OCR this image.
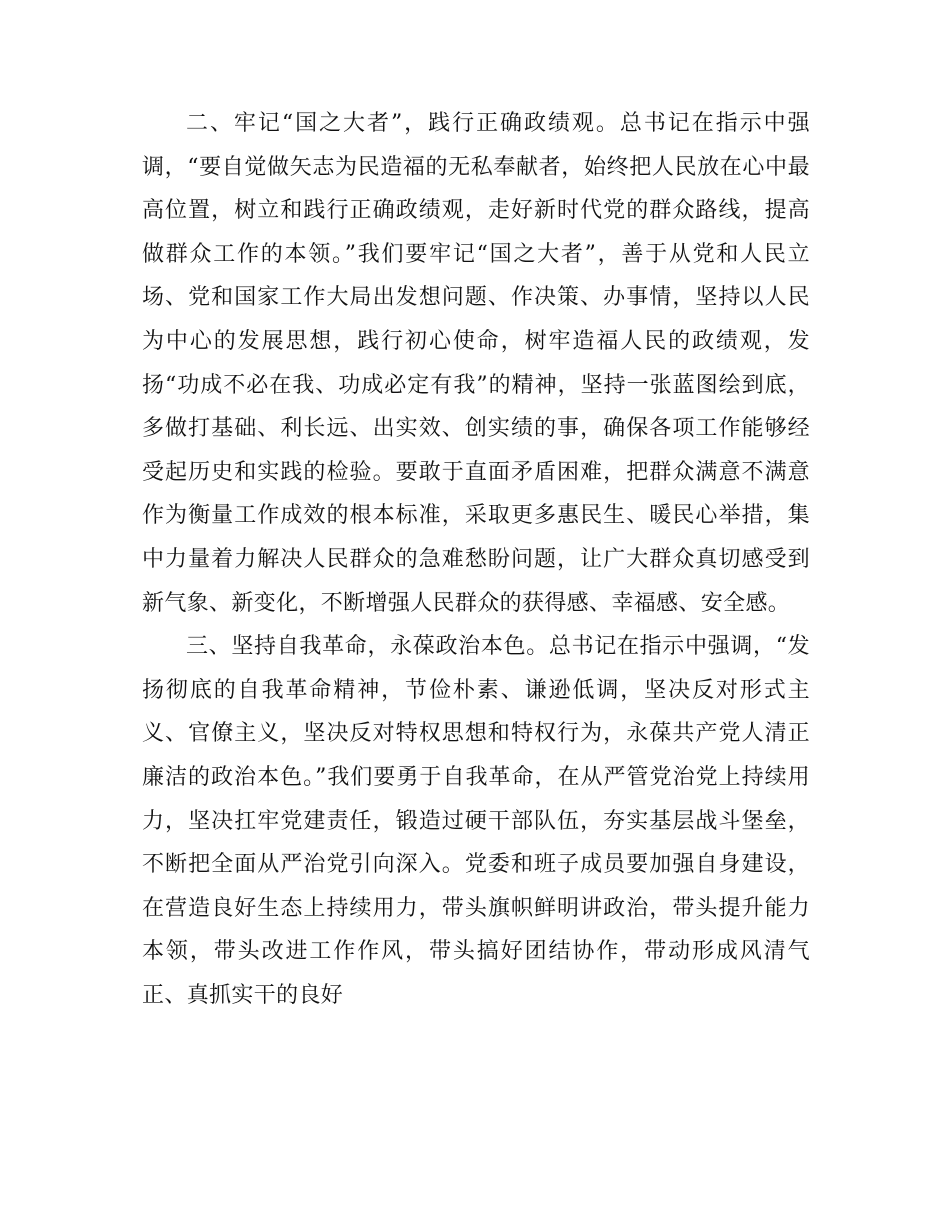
二、牢记“国之大者”，践行正确政绩观。总书记在指示中强调，“要自觉做矢志为民造福的无私奉献者，始终把人民放在心中最高位置，树立和践行正确政绩观，走好新时代党的群众路线，提高做群众工作的本领。”我们要牢记“国之大者”，善于从党和人民立场、党和国家工作大局出发想问题、作决策、办事情，坚持以人民为中心的发展思想，践行初心使命，树牢造福人民的政绩观，发扬“功成不必在我、功成必定有我”的精神，坚持一张蓝图绘到底，多做打基础、利长远、出实效、创实绩的事，确保各项工作能够经受起历史和实践的检验。要敢于直面矛盾困难，把群众满意不满意作为衡量工作成效的根本标准，采取更多惠民生、暖民心举措，集中力量着力解决人民群众的急难愁盼问题，让广大群众真切感受到新气象、新变化，不断增强人民群众的获得感、幸福感、安全感。

三、坚持自我革命，永葆政治本色。总书记在指示中强调，“发扬彻底的自我革命精神，节俭朴素、谦逊低调，坚决反对形式主义、官僚主义，坚决反对特权思想和特权行为，永葆共产党人清正廉洁的政治本色。”我们要勇于自我革命，在从严管党治党上持续用力，坚决扛牢党建责任，锻造过硬干部队伍，夯实基层战斗堡垒，不断把全面从严治党引向深入。党委和班子成员要加强自身建设，在营造良好生态上持续用力，带头旗帜鲜明讲政治，带头提升能力本领，带头改进工作作风，带头搞好团结协作，带动形成风清气正、真抓实干的良好
